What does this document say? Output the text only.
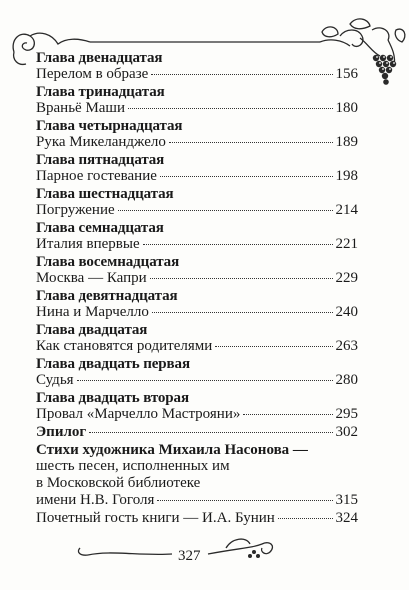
Глава двенадцатая
Перелом в образе	156
Глава тринадцатая
Враньё Маши	180
Глава четырнадцатая
Рука Микеланджело	189
Глава пятнадцатая
Парное гостевание	198
Глава шестнадцатая
Погружение	214
Глава семнадцатая
Италия впервые	221
Глава восемнадцатая
Москва — Капри	229
Глава девятнадцатая
Нина и Марчелло	240
Глава двадцатая
Как становятся родителями	263
Глава двадцать первая
Судья	280
Глава двадцать вторая
Провал «Марчелло Мастрояни»	295
Эпилог	302
Стихи художника Михаила Насонова —
шесть песен, исполненных им
в Московской библиотеке
имени Н.В. Гоголя	315
Почетный гость книги — И.А. Бунин	324
327
